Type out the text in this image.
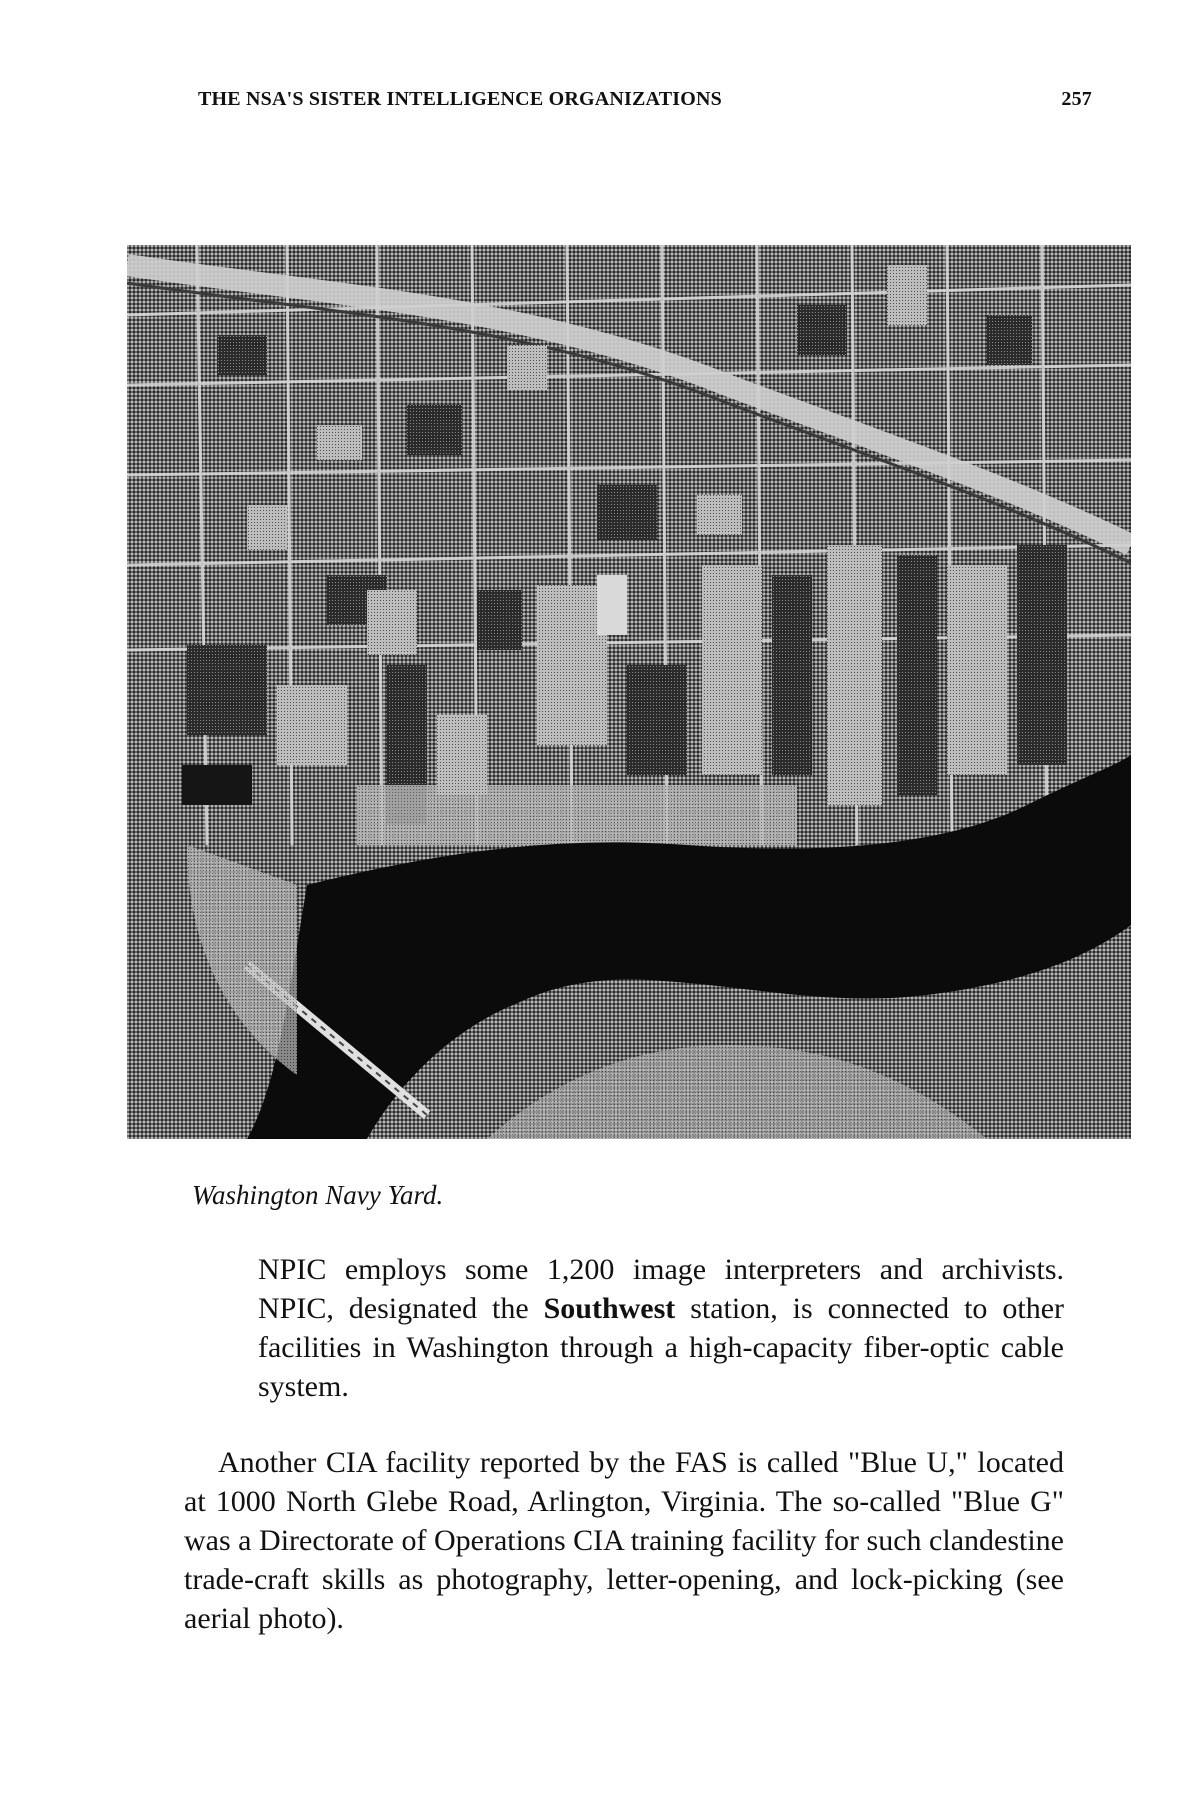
THE NSA'S SISTER INTELLIGENCE ORGANIZATIONS	257
Washington Navy Yard.

NPIC employs some 1,200 image interpreters and archivists. NPIC, designated the Southwest station, is connected to other facilities in Washington through a high-capacity fiber-optic cable system.

Another CIA facility reported by the FAS is called "Blue U," located at 1000 North Glebe Road, Arlington, Virginia. The so-called "Blue G" was a Directorate of Operations CIA training facility for such clandestine trade-craft skills as photography, letter-opening, and lock-picking (see aerial photo).
